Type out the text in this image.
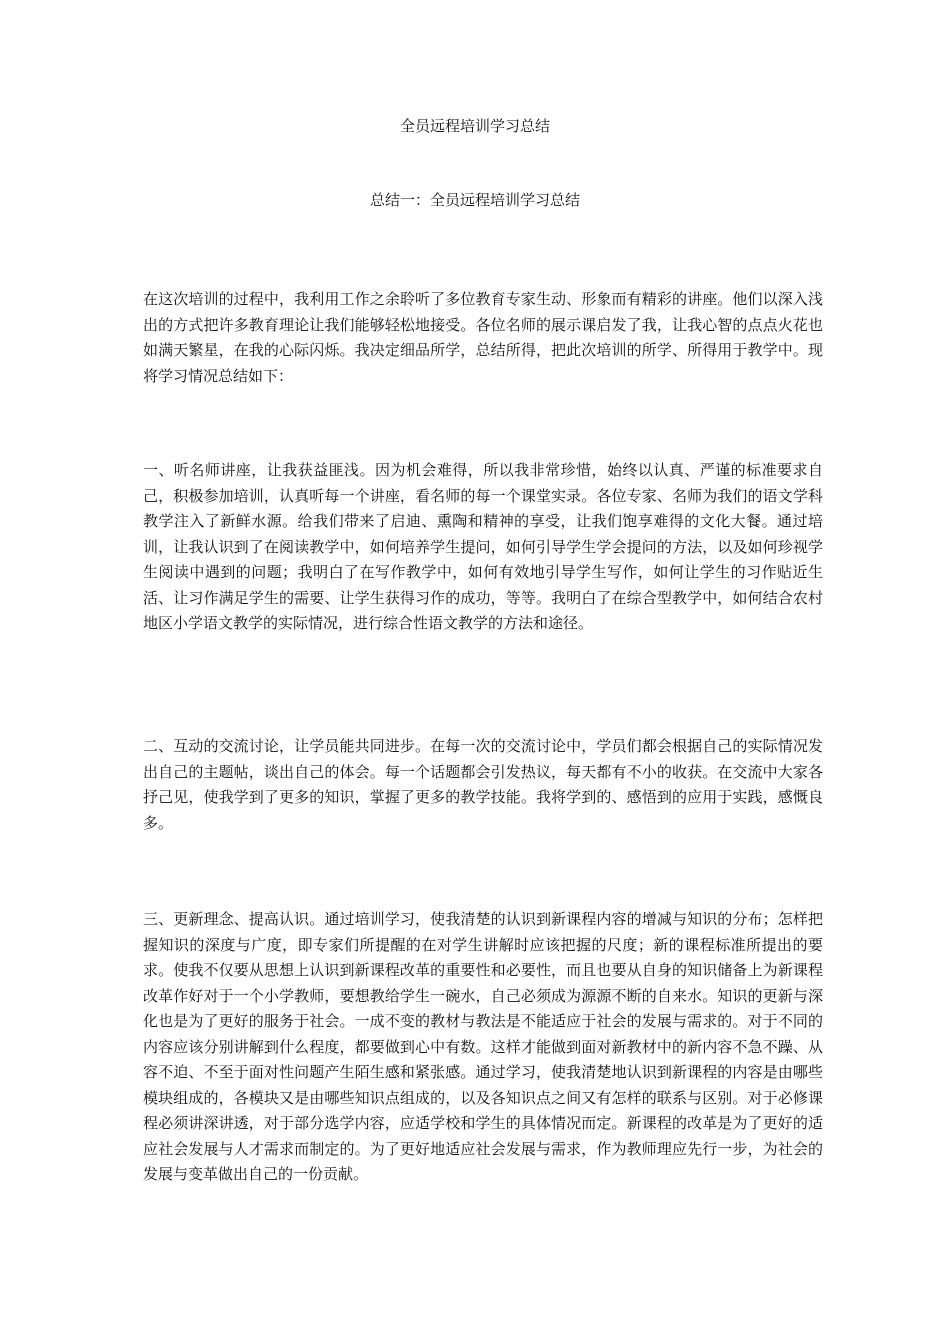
全员远程培训学习总结
总结一：全员远程培训学习总结

在这次培训的过程中，我利用工作之余聆听了多位教育专家生动、形象而有精彩的讲座。他们以深入浅出的方式把许多教育理论让我们能够轻松地接受。各位名师的展示课启发了我，让我心智的点点火花也如满天繁星，在我的心际闪烁。我决定细品所学，总结所得，把此次培训的所学、所得用于教学中。现将学习情况总结如下：

一、听名师讲座，让我获益匪浅。因为机会难得，所以我非常珍惜，始终以认真、严谨的标准要求自己，积极参加培训，认真听每一个讲座，看名师的每一个课堂实录。各位专家、名师为我们的语文学科教学注入了新鲜水源。给我们带来了启迪、熏陶和精神的享受，让我们饱享难得的文化大餐。通过培训，让我认识到了在阅读教学中，如何培养学生提问，如何引导学生学会提问的方法，以及如何珍视学生阅读中遇到的问题；我明白了在写作教学中，如何有效地引导学生写作，如何让学生的习作贴近生活、让习作满足学生的需要、让学生获得习作的成功，等等。我明白了在综合型教学中，如何结合农村地区小学语文教学的实际情况，进行综合性语文教学的方法和途径。

二、互动的交流讨论，让学员能共同进步。在每一次的交流讨论中，学员们都会根据自己的实际情况发出自己的主题帖，谈出自己的体会。每一个话题都会引发热议，每天都有不小的收获。在交流中大家各抒己见，使我学到了更多的知识，掌握了更多的教学技能。我将学到的、感悟到的应用于实践，感慨良多。

三、更新理念、提高认识。通过培训学习，使我清楚的认识到新课程内容的增减与知识的分布；怎样把握知识的深度与广度，即专家们所提醒的在对学生讲解时应该把握的尺度；新的课程标准所提出的要求。使我不仅要从思想上认识到新课程改革的重要性和必要性，而且也要从自身的知识储备上为新课程改革作好对于一个小学教师，要想教给学生一碗水，自己必须成为源源不断的自来水。知识的更新与深化也是为了更好的服务于社会。一成不变的教材与教法是不能适应于社会的发展与需求的。对于不同的内容应该分别讲解到什么程度，都要做到心中有数。这样才能做到面对新教材中的新内容不急不躁、从容不迫、不至于面对性问题产生陌生感和紧张感。通过学习，使我清楚地认识到新课程的内容是由哪些模块组成的，各模块又是由哪些知识点组成的，以及各知识点之间又有怎样的联系与区别。对于必修课程必须讲深讲透，对于部分选学内容，应适学校和学生的具体情况而定。新课程的改革是为了更好的适应社会发展与人才需求而制定的。为了更好地适应社会发展与需求，作为教师理应先行一步，为社会的发展与变革做出自己的一份贡献。
